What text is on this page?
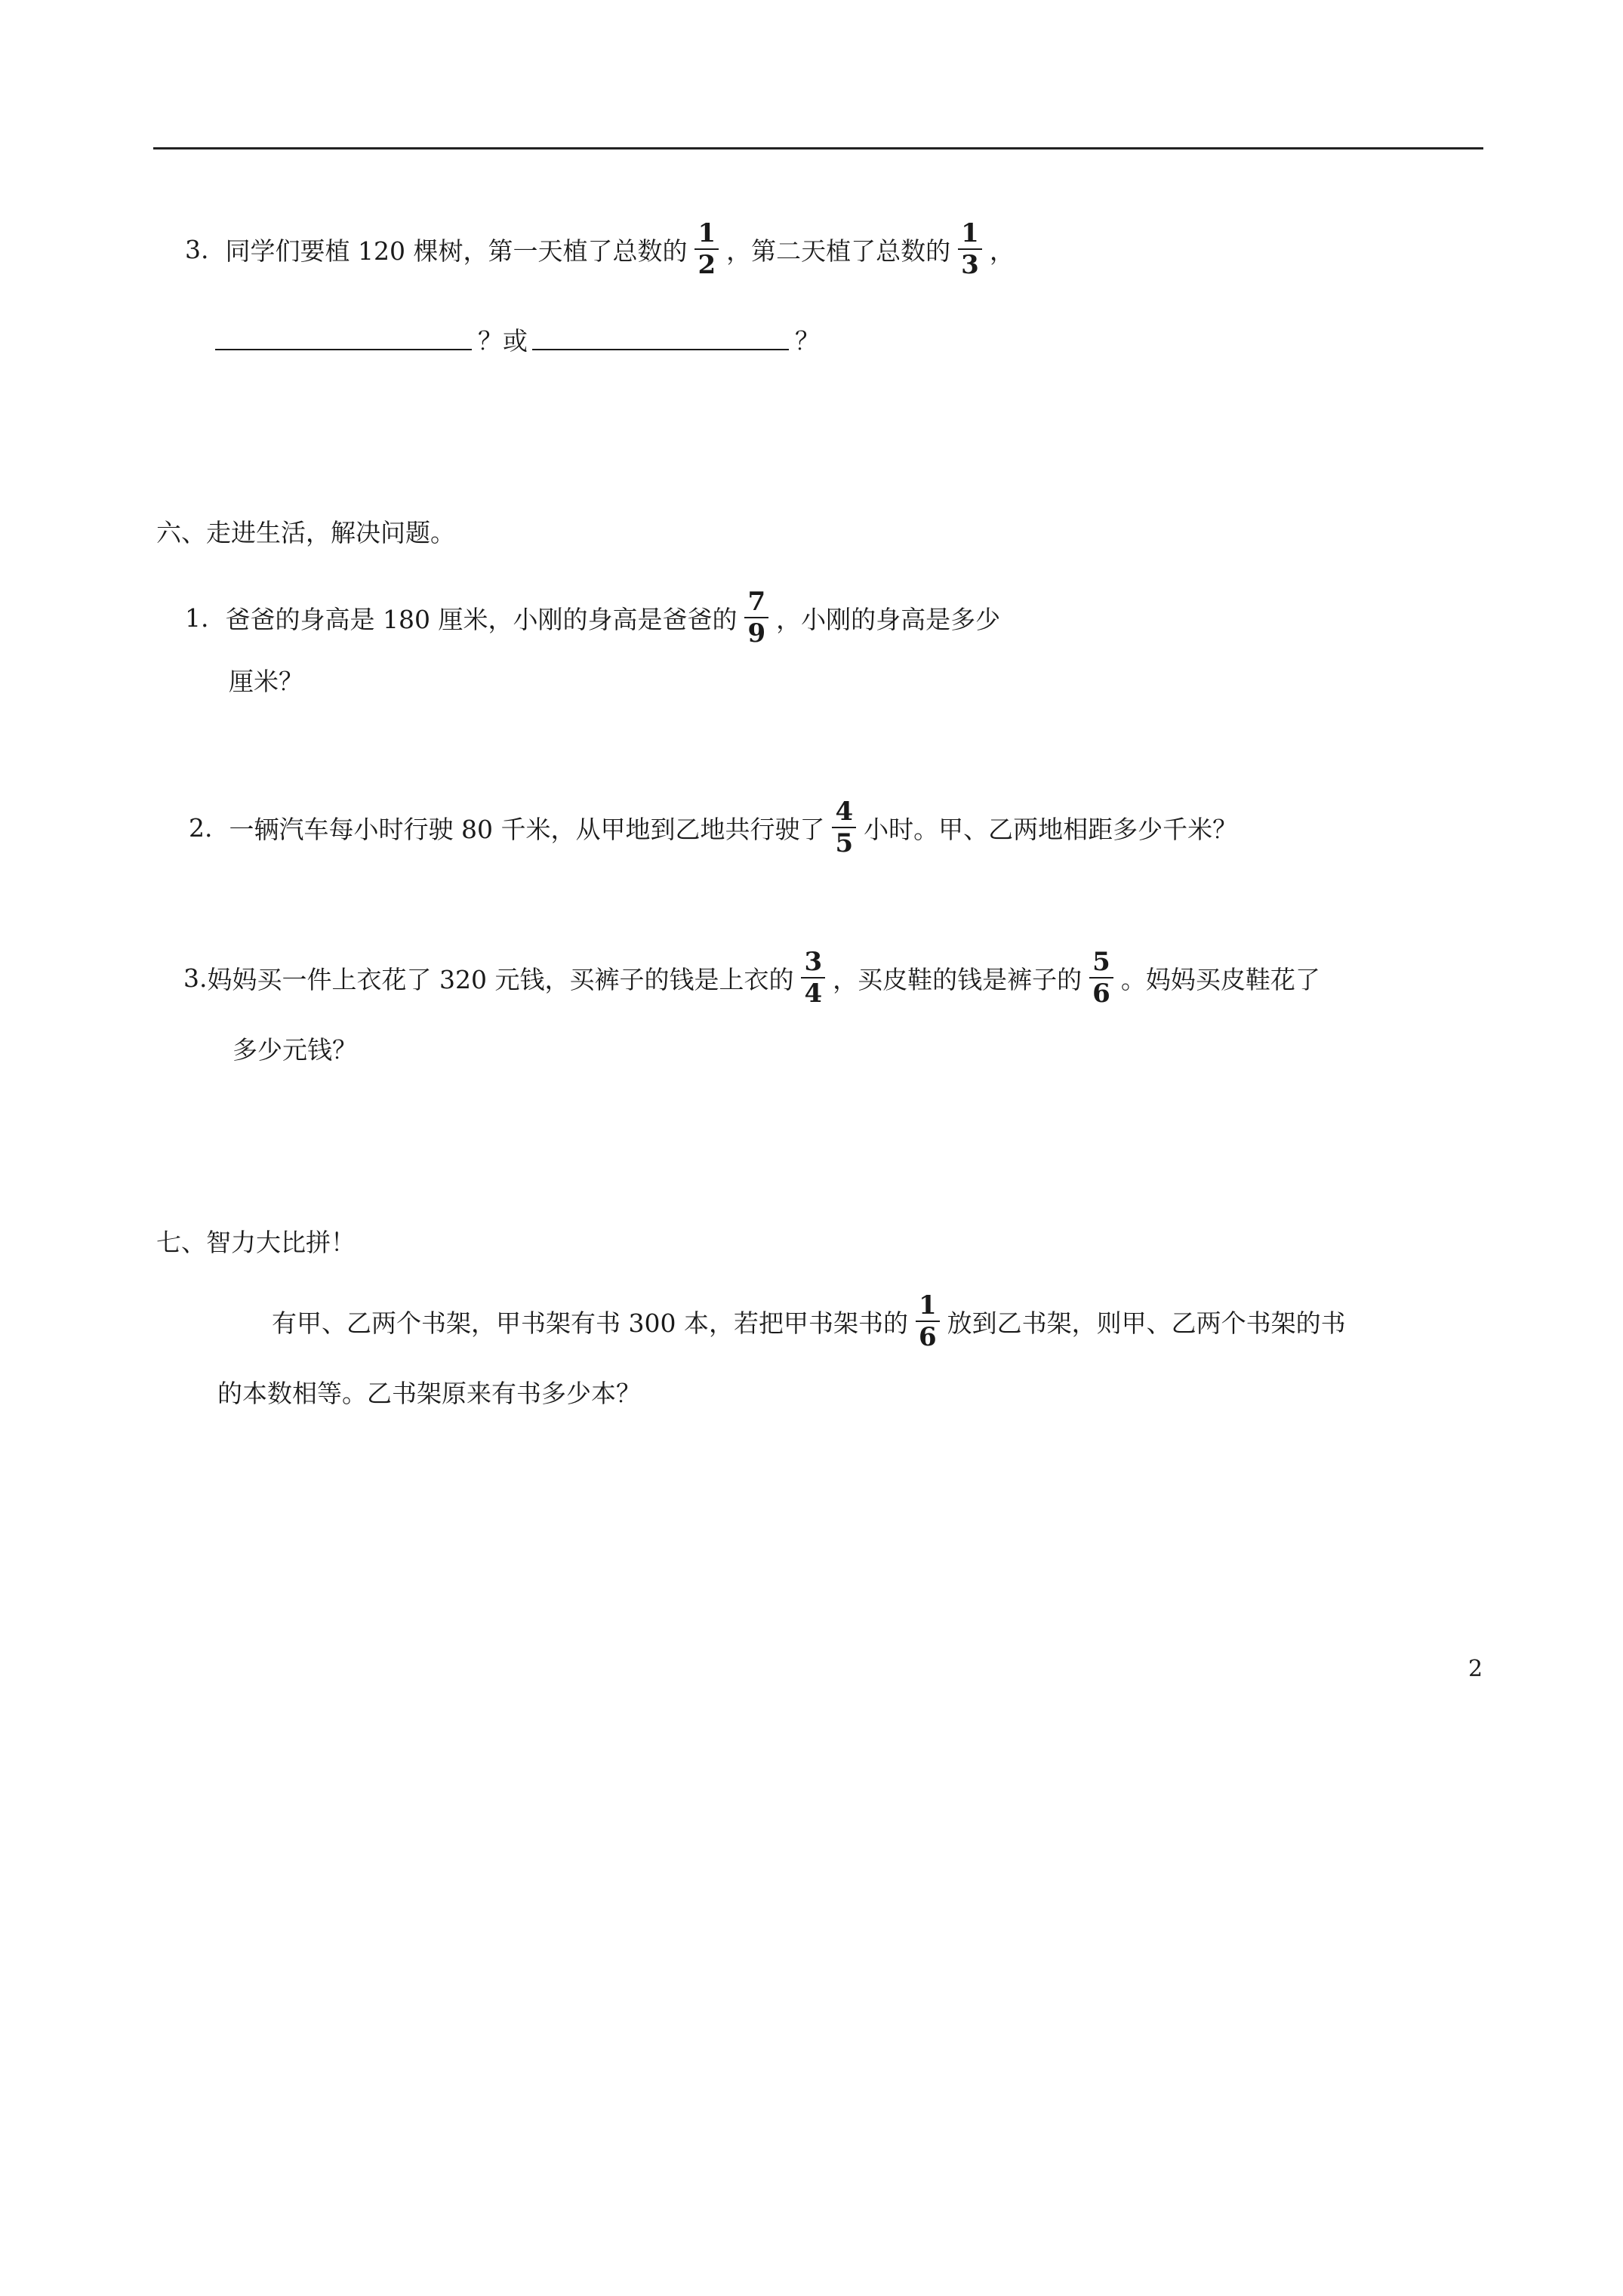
3. 同学们要植 120 棵树，第一天植了总数的 $\frac{1}{2}$ ，第二天植了总数的 $\frac{1}{3}$ ，
？或	？
六、走进生活，解决问题。
1. 爸爸的身高是 180 厘米，小刚的身高是爸爸的 $\frac{7}{9}$ ，小刚的身高是多少
厘米？
2. 一辆汽车每小时行驶 80 千米，从甲地到乙地共行驶了 $\frac{4}{5}$ 小时。甲、乙两地相距多少千米？
3. 妈妈买一件上衣花了 320 元钱，买裤子的钱是上衣的 $\frac{3}{4}$ ，买皮鞋的钱是裤子的 $\frac{5}{6}$ 。妈妈买皮鞋花了
多少元钱？
七、智力大比拼！
有甲、乙两个书架，甲书架有书 300 本，若把甲书架书的 $\frac{1}{6}$ 放到乙书架，则甲、乙两个书架的书
的本数相等。乙书架原来有书多少本？
2
